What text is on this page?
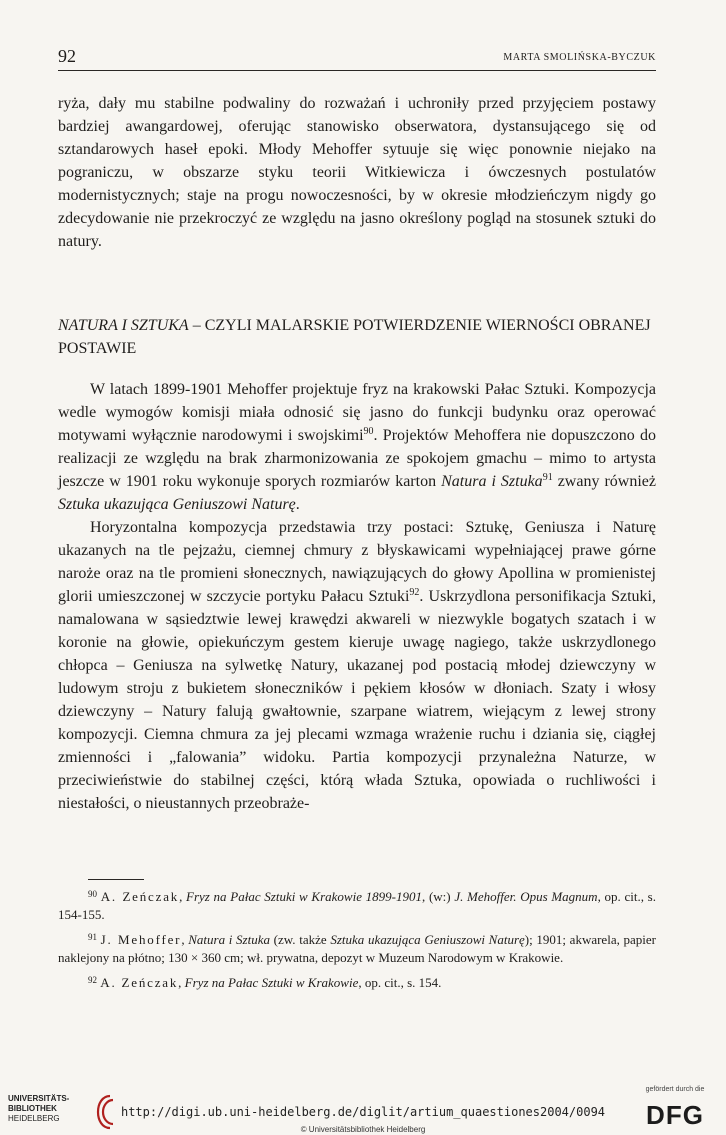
92	MARTA SMOLIŃSKA-BYCZUK

ryża, dały mu stabilne podwaliny do rozważań i uchroniły przed przyjęciem postawy bardziej awangardowej, oferując stanowisko obserwatora, dystansującego się od sztandarowych haseł epoki. Młody Mehoffer sytuuje się więc ponownie niejako na pograniczu, w obszarze styku teorii Witkiewicza i ówczesnych postulatów modernistycznych; staje na progu nowoczesności, by w okresie młodzieńczym nigdy go zdecydowanie nie przekroczyć ze względu na jasno określony pogląd na stosunek sztuki do natury.

NATURA I SZTUKA – CZYLI MALARSKIE POTWIERDZENIE WIERNOŚCI OBRANEJ POSTAWIE

W latach 1899-1901 Mehoffer projektuje fryz na krakowski Pałac Sztuki. Kompozycja wedle wymogów komisji miała odnosić się jasno do funkcji budynku oraz operować motywami wyłącznie narodowymi i swojskimi$^{90}$. Projektów Mehoffera nie dopuszczono do realizacji ze względu na brak zharmonizowania ze spokojem gmachu – mimo to artysta jeszcze w 1901 roku wykonuje sporych rozmiarów karton Natura i Sztuka$^{91}$ zwany również Sztuka ukazująca Geniuszowi Naturę.

Horyzontalna kompozycja przedstawia trzy postaci: Sztukę, Geniusza i Naturę ukazanych na tle pejzażu, ciemnej chmury z błyskawicami wypełniającej prawe górne naroże oraz na tle promieni słonecznych, nawiązujących do głowy Apollina w promienistej glorii umieszczonej w szczycie portyku Pałacu Sztuki$^{92}$. Uskrzydlona personifikacja Sztuki, namalowana w sąsiedztwie lewej krawędzi akwareli w niezwykle bogatych szatach i w koronie na głowie, opiekuńczym gestem kieruje uwagę nagiego, także uskrzydlonego chłopca – Geniusza na sylwetkę Natury, ukazanej pod postacią młodej dziewczyny w ludowym stroju z bukietem słoneczników i pękiem kłosów w dłoniach. Szaty i włosy dziewczyny – Natury falują gwałtownie, szarpane wiatrem, wiejącym z lewej strony kompozycji. Ciemna chmura za jej plecami wzmaga wrażenie ruchu i dziania się, ciągłej zmienności i „falowania” widoku. Partia kompozycji przynależna Naturze, w przeciwieństwie do stabilnej części, którą włada Sztuka, opowiada o ruchliwości i niestałości, o nieustannych przeobraże-

$^{90}$ A. Zeńczak, Fryz na Pałac Sztuki w Krakowie 1899-1901, (w:) J. Mehoffer. Opus Magnum, op. cit., s. 154-155.

$^{91}$ J. Mehoffer, Natura i Sztuka (zw. także Sztuka ukazująca Geniuszowi Naturę); 1901; akwarela, papier naklejony na płótno; 130 × 360 cm; wł. prywatna, depozyt w Muzeum Narodowym w Krakowie.

$^{92}$ A. Zeńczak, Fryz na Pałac Sztuki w Krakowie, op. cit., s. 154.

UNIVERSITÄTS-
BIBLIOTHEK
HEIDELBERG	http://digi.ub.uni-heidelberg.de/diglit/artium_quaestiones2004/0094
© Universitätsbibliothek Heidelberg
gefördert durch die
DFG
